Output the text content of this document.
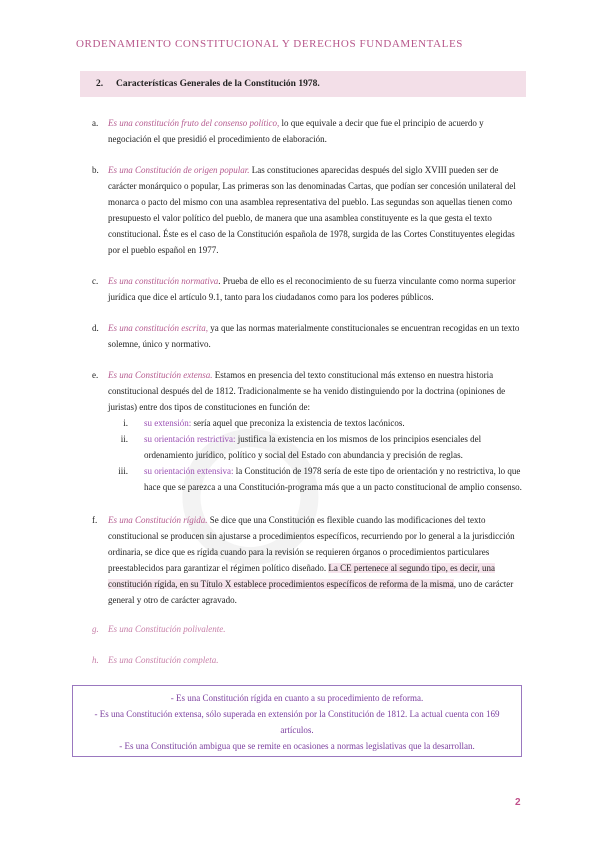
ORDENAMIENTO CONSTITUCIONAL Y DERECHOS FUNDAMENTALES
2.	Características Generales de la Constitución 1978.
a. Es una constitución fruto del consenso político, lo que equivale a decir que fue el principio de acuerdo y negociación el que presidió el procedimiento de elaboración.
b. Es una Constitución de origen popular. Las constituciones aparecidas después del siglo XVIII pueden ser de carácter monárquico o popular, Las primeras son las denominadas Cartas, que podían ser concesión unilateral del monarca o pacto del mismo con una asamblea representativa del pueblo. Las segundas son aquellas tienen como presupuesto el valor político del pueblo, de manera que una asamblea constituyente es la que gesta el texto constitucional. Éste es el caso de la Constitución española de 1978, surgida de las Cortes Constituyentes elegidas por el pueblo español en 1977.
c. Es una constitución normativa. Prueba de ello es el reconocimiento de su fuerza vinculante como norma superior jurídica que dice el artículo 9.1, tanto para los ciudadanos como para los poderes públicos.
d. Es una constitución escrita, ya que las normas materialmente constitucionales se encuentran recogidas en un texto solemne, único y normativo.
e. Es una Constitución extensa. Estamos en presencia del texto constitucional más extenso en nuestra historia constitucional después del de 1812. Tradicionalmente se ha venido distinguiendo por la doctrina (opiniones de juristas) entre dos tipos de constituciones en función de:
i. su extensión: sería aquel que preconiza la existencia de textos lacónicos.
ii. su orientación restrictiva: justifica la existencia en los mismos de los principios esenciales del ordenamiento jurídico, político y social del Estado con abundancia y precisión de reglas.
iii. su orientación extensiva: la Constitución de 1978 sería de este tipo de orientación y no restrictiva, lo que hace que se parezca a una Constitución-programa más que a un pacto constitucional de amplio consenso.
f. Es una Constitución rígida. Se dice que una Constitución es flexible cuando las modificaciones del texto constitucional se producen sin ajustarse a procedimientos específicos, recurriendo por lo general a la jurisdicción ordinaria, se dice que es rígida cuando para la revisión se requieren órganos o procedimientos particulares preestablecidos para garantizar el régimen político diseñado. La CE pertenece al segundo tipo, es decir, una constitución rígida, en su Título X establece procedimientos específicos de reforma de la misma, uno de carácter general y otro de carácter agravado.
g. Es una Constitución polivalente.
h. Es una Constitución completa.
- Es una Constitución rígida en cuanto a su procedimiento de reforma.
- Es una Constitución extensa, sólo superada en extensión por la Constitución de 1812. La actual cuenta con 169 artículos.
- Es una Constitución ambigua que se remite en ocasiones a normas legislativas que la desarrollan.
2
